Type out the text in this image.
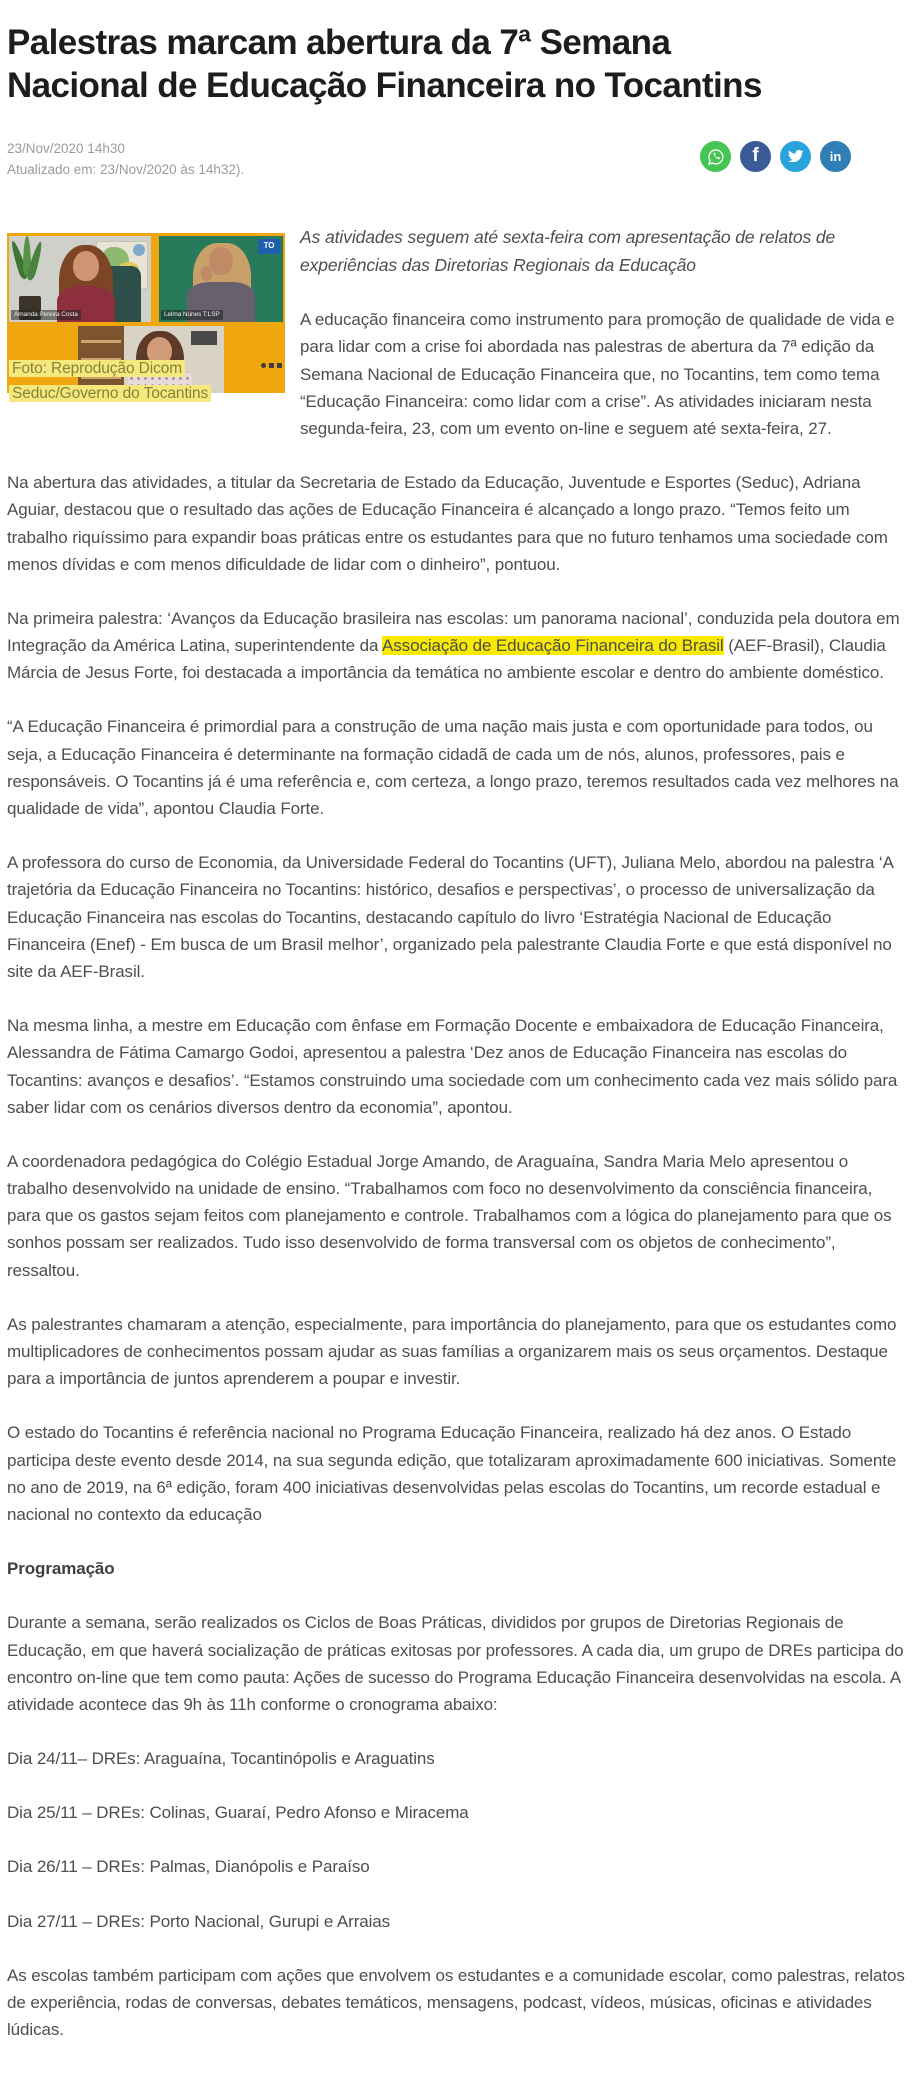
Palestras marcam abertura da 7ª Semana Nacional de Educação Financeira no Tocantins
23/Nov/2020 14h30
Atualizado em: 23/Nov/2020 às 14h32).
f	in
Amanda Pereira Costa
TO
Lelma Núnes T:LSP
Foto: Reprodução Dicom Seduc/Governo do Tocantins

As atividades seguem até sexta-feira com apresentação de relatos de experiências das Diretorias Regionais da Educação

A educação financeira como instrumento para promoção de qualidade de vida e para lidar com a crise foi abordada nas palestras de abertura da 7ª edição da Semana Nacional de Educação Financeira que, no Tocantins, tem como tema “Educação Financeira: como lidar com a crise”. As atividades iniciaram nesta segunda-feira, 23, com um evento on-line e seguem até sexta-feira, 27.

Na abertura das atividades, a titular da Secretaria de Estado da Educação, Juventude e Esportes (Seduc), Adriana Aguiar, destacou que o resultado das ações de Educação Financeira é alcançado a longo prazo. “Temos feito um trabalho riquíssimo para expandir boas práticas entre os estudantes para que no futuro tenhamos uma sociedade com menos dívidas e com menos dificuldade de lidar com o dinheiro”, pontuou.

Na primeira palestra: ‘Avanços da Educação brasileira nas escolas: um panorama nacional’, conduzida pela doutora em Integração da América Latina, superintendente da Associação de Educação Financeira do Brasil (AEF-Brasil), Claudia Márcia de Jesus Forte, foi destacada a importância da temática no ambiente escolar e dentro do ambiente doméstico.

“A Educação Financeira é primordial para a construção de uma nação mais justa e com oportunidade para todos, ou seja, a Educação Financeira é determinante na formação cidadã de cada um de nós, alunos, professores, pais e responsáveis. O Tocantins já é uma referência e, com certeza, a longo prazo, teremos resultados cada vez melhores na qualidade de vida”, apontou Claudia Forte.

A professora do curso de Economia, da Universidade Federal do Tocantins (UFT), Juliana Melo, abordou na palestra ‘A trajetória da Educação Financeira no Tocantins: histórico, desafios e perspectivas’, o processo de universalização da Educação Financeira nas escolas do Tocantins, destacando capítulo do livro ‘Estratégia Nacional de Educação Financeira (Enef) - Em busca de um Brasil melhor’, organizado pela palestrante Claudia Forte e que está disponível no site da AEF-Brasil.

Na mesma linha, a mestre em Educação com ênfase em Formação Docente e embaixadora de Educação Financeira, Alessandra de Fátima Camargo Godoi, apresentou a palestra ‘Dez anos de Educação Financeira nas escolas do Tocantins: avanços e desafios’. “Estamos construindo uma sociedade com um conhecimento cada vez mais sólido para saber lidar com os cenários diversos dentro da economia”, apontou.

A coordenadora pedagógica do Colégio Estadual Jorge Amando, de Araguaína, Sandra Maria Melo apresentou o trabalho desenvolvido na unidade de ensino. “Trabalhamos com foco no desenvolvimento da consciência financeira, para que os gastos sejam feitos com planejamento e controle. Trabalhamos com a lógica do planejamento para que os sonhos possam ser realizados. Tudo isso desenvolvido de forma transversal com os objetos de conhecimento”, ressaltou.

As palestrantes chamaram a atenção, especialmente, para importância do planejamento, para que os estudantes como multiplicadores de conhecimentos possam ajudar as suas famílias a organizarem mais os seus orçamentos. Destaque para a importância de juntos aprenderem a poupar e investir.

O estado do Tocantins é referência nacional no Programa Educação Financeira, realizado há dez anos. O Estado participa deste evento desde 2014, na sua segunda edição, que totalizaram aproximadamente 600 iniciativas. Somente no ano de 2019, na 6ª edição, foram 400 iniciativas desenvolvidas pelas escolas do Tocantins, um recorde estadual e nacional no contexto da educação

Programação

Durante a semana, serão realizados os Ciclos de Boas Práticas, divididos por grupos de Diretorias Regionais de Educação, em que haverá socialização de práticas exitosas por professores. A cada dia, um grupo de DREs participa do encontro on-line que tem como pauta: Ações de sucesso do Programa Educação Financeira desenvolvidas na escola. A atividade acontece das 9h às 11h conforme o cronograma abaixo:

Dia 24/11– DREs: Araguaína, Tocantinópolis e Araguatins

Dia 25/11 – DREs: Colinas, Guaraí, Pedro Afonso e Miracema

Dia 26/11 – DREs: Palmas, Dianópolis e Paraíso

Dia 27/11 – DREs: Porto Nacional, Gurupi e Arraias

As escolas também participam com ações que envolvem os estudantes e a comunidade escolar, como palestras, relatos de experiência, rodas de conversas, debates temáticos, mensagens, podcast, vídeos, músicas, oficinas e atividades lúdicas.
